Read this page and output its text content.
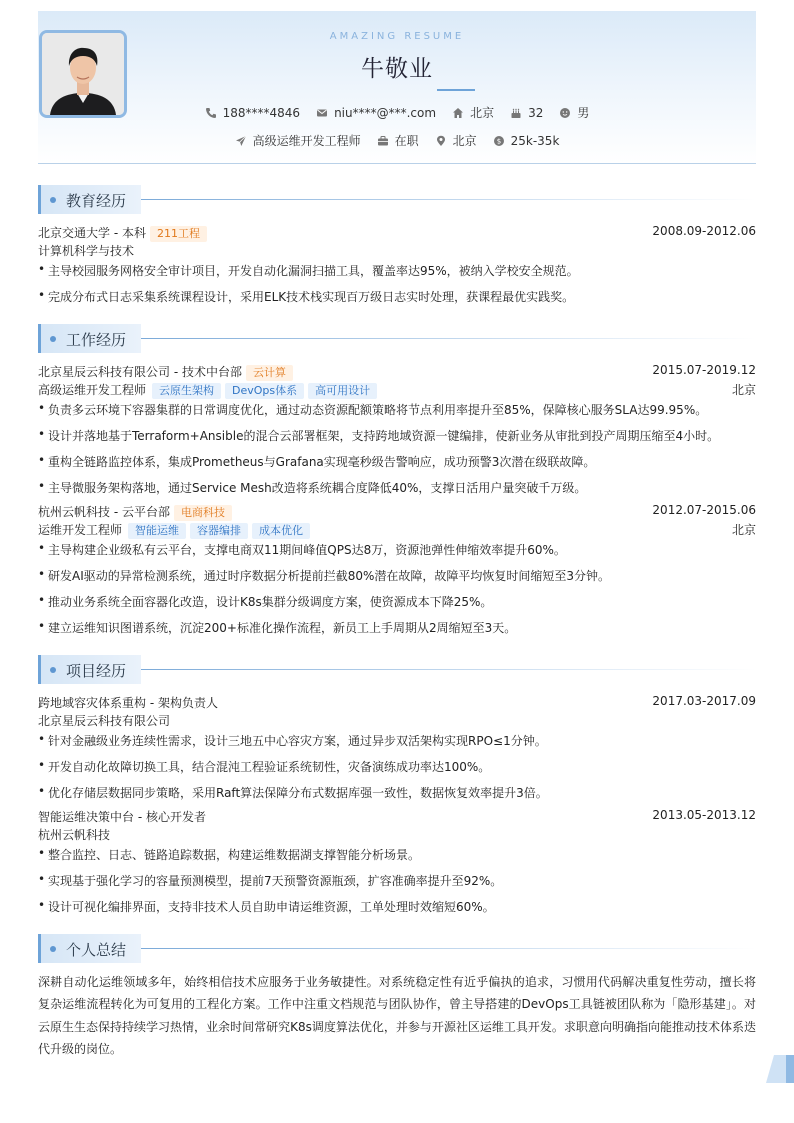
AMAZING RESUME
牛敬业
188****4846	niu****@***.com	北京	32	男
高级运维开发工程师	在职	北京	$ 25k-35k
教育经历
北京交通大学 - 本科 211工程	2008.09-2012.06
计算机科学与技术
主导校园服务网格安全审计项目，开发自动化漏洞扫描工具，覆盖率达95%，被纳入学校安全规范。
完成分布式日志采集系统课程设计，采用ELK技术栈实现百万级日志实时处理，获课程最优实践奖。
工作经历
北京星辰云科技有限公司 - 技术中台部 云计算	2015.07-2019.12
高级运维开发工程师 云原生架构 DevOps体系 高可用设计	北京
负责多云环境下容器集群的日常调度优化，通过动态资源配额策略将节点利用率提升至85%，保障核心服务SLA达99.95%。
设计并落地基于Terraform+Ansible的混合云部署框架，支持跨地域资源一键编排，使新业务从审批到投产周期压缩至4小时。
重构全链路监控体系，集成Prometheus与Grafana实现毫秒级告警响应，成功预警3次潜在级联故障。
主导微服务架构落地，通过Service Mesh改造将系统耦合度降低40%，支撑日活用户量突破千万级。
杭州云帆科技 - 云平台部 电商科技	2012.07-2015.06
运维开发工程师 智能运维 容器编排 成本优化	北京
主导构建企业级私有云平台，支撑电商双11期间峰值QPS达8万，资源池弹性伸缩效率提升60%。
研发AI驱动的异常检测系统，通过时序数据分析提前拦截80%潜在故障，故障平均恢复时间缩短至3分钟。
推动业务系统全面容器化改造，设计K8s集群分级调度方案，使资源成本下降25%。
建立运维知识图谱系统，沉淀200+标准化操作流程，新员工上手周期从2周缩短至3天。
项目经历
跨地域容灾体系重构 - 架构负责人	2017.03-2017.09
北京星辰云科技有限公司
针对金融级业务连续性需求，设计三地五中心容灾方案，通过异步双活架构实现RPO≤1分钟。
开发自动化故障切换工具，结合混沌工程验证系统韧性，灾备演练成功率达100%。
优化存储层数据同步策略，采用Raft算法保障分布式数据库强一致性，数据恢复效率提升3倍。
智能运维决策中台 - 核心开发者	2013.05-2013.12
杭州云帆科技
整合监控、日志、链路追踪数据，构建运维数据湖支撑智能分析场景。
实现基于强化学习的容量预测模型，提前7天预警资源瓶颈，扩容准确率提升至92%。
设计可视化编排界面，支持非技术人员自助申请运维资源，工单处理时效缩短60%。
个人总结
深耕自动化运维领域多年，始终相信技术应服务于业务敏捷性。对系统稳定性有近乎偏执的追求，习惯用代码解决重复性劳动，擅长将复杂运维流程转化为可复用的工程化方案。工作中注重文档规范与团队协作，曾主导搭建的DevOps工具链被团队称为「隐形基建」。对云原生生态保持持续学习热情，业余时间常研究K8s调度算法优化，并参与开源社区运维工具开发。求职意向明确指向能推动技术体系迭代升级的岗位。
